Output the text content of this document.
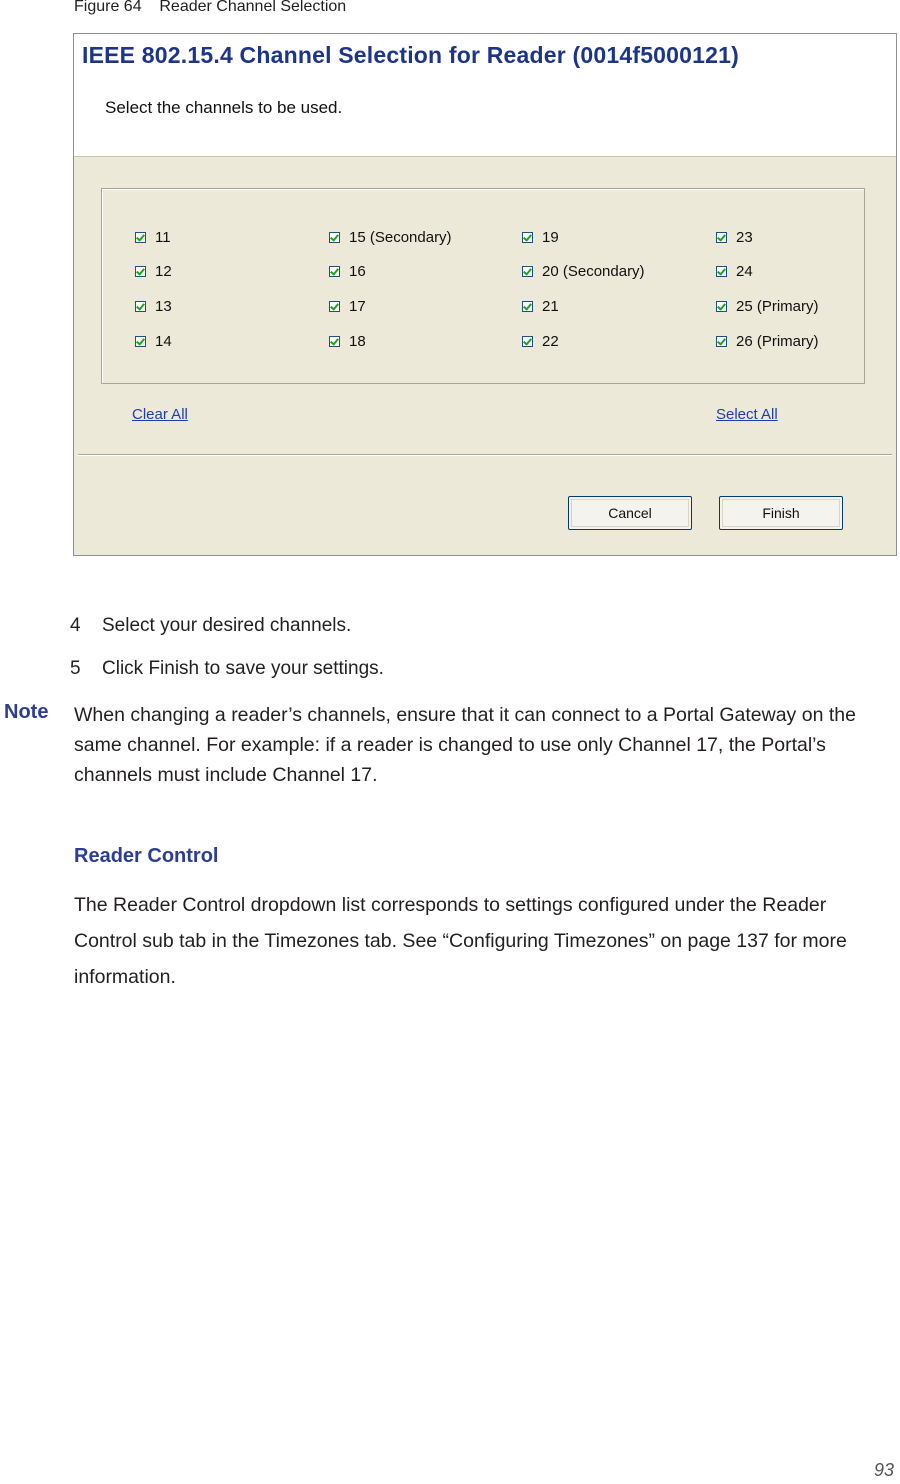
Figure 64    Reader Channel Selection
IEEE 802.15.4 Channel Selection for Reader (0014f5000121)
Select the channels to be used.
11
12
13
14
15 (Secondary)
16
17
18
19
20 (Secondary)
21
22
23
24
25 (Primary)
26 (Primary)
Clear All	Select All
Cancel	Finish
4 Select your desired channels.
5 Click Finish to save your settings.
Note When changing a reader’s channels, ensure that it can connect to a Portal Gateway on the same channel. For example: if a reader is changed to use only Channel 17, the Portal’s channels must include Channel 17.
Reader Control
The Reader Control dropdown list corresponds to settings configured under the Reader Control sub tab in the Timezones tab. See “Configuring Timezones” on page 137 for more information.
93
